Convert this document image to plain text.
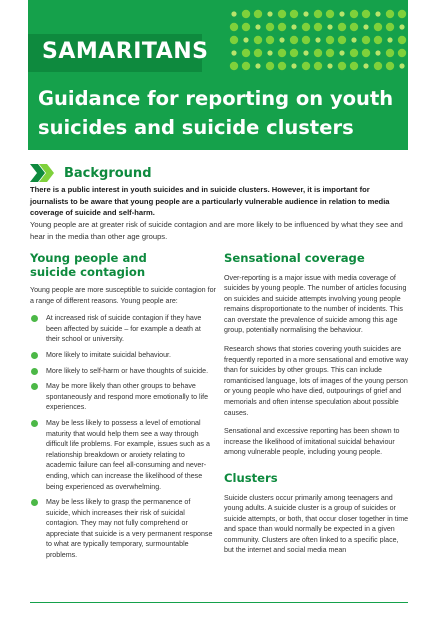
SAMARITANS
Guidance for reporting on youth
suicides and suicide clusters
Background

There is a public interest in youth suicides and in suicide clusters. However, it is important for journalists to be aware that young people are a particularly vulnerable audience in relation to media coverage of suicide and self-harm.

Young people are at greater risk of suicide contagion and are more likely to be influenced by what they see and hear in the media than other age groups.

Young people and
suicide contagion

Young people are more susceptible to suicide contagion for a range of different reasons. Young people are:

At increased risk of suicide contagion if they have been affected by suicide – for example a death at their school or university.
More likely to imitate suicidal behaviour.
More likely to self-harm or have thoughts of suicide.
May be more likely than other groups to behave spontaneously and respond more emotionally to life experiences.
May be less likely to possess a level of emotional maturity that would help them see a way through difficult life problems. For example, issues such as a relationship breakdown or anxiety relating to academic failure can feel all-consuming and never-ending, which can increase the likelihood of these being experienced as overwhelming.
May be less likely to grasp the permanence of suicide, which increases their risk of suicidal contagion. They may not fully comprehend or appreciate that suicide is a very permanent response to what are typically temporary, surmountable problems.
Sensational coverage

Over-reporting is a major issue with media coverage of suicides by young people. The number of articles focusing on suicides and suicide attempts involving young people remains disproportionate to the number of incidents. This can overstate the prevalence of suicide among this age group, potentially normalising the behaviour.

Research shows that stories covering youth suicides are frequently reported in a more sensational and emotive way than for suicides by other groups. This can include romanticised language, lots of images of the young person or young people who have died, outpourings of grief and memorials and often intense speculation about possible causes.

Sensational and excessive reporting has been shown to increase the likelihood of imitational suicidal behaviour among vulnerable people, including young people.

Clusters

Suicide clusters occur primarily among teenagers and young adults. A suicide cluster is a group of suicides or suicide attempts, or both, that occur closer together in time and space than would normally be expected in a given community. Clusters are often linked to a specific place, but the internet and social media mean
